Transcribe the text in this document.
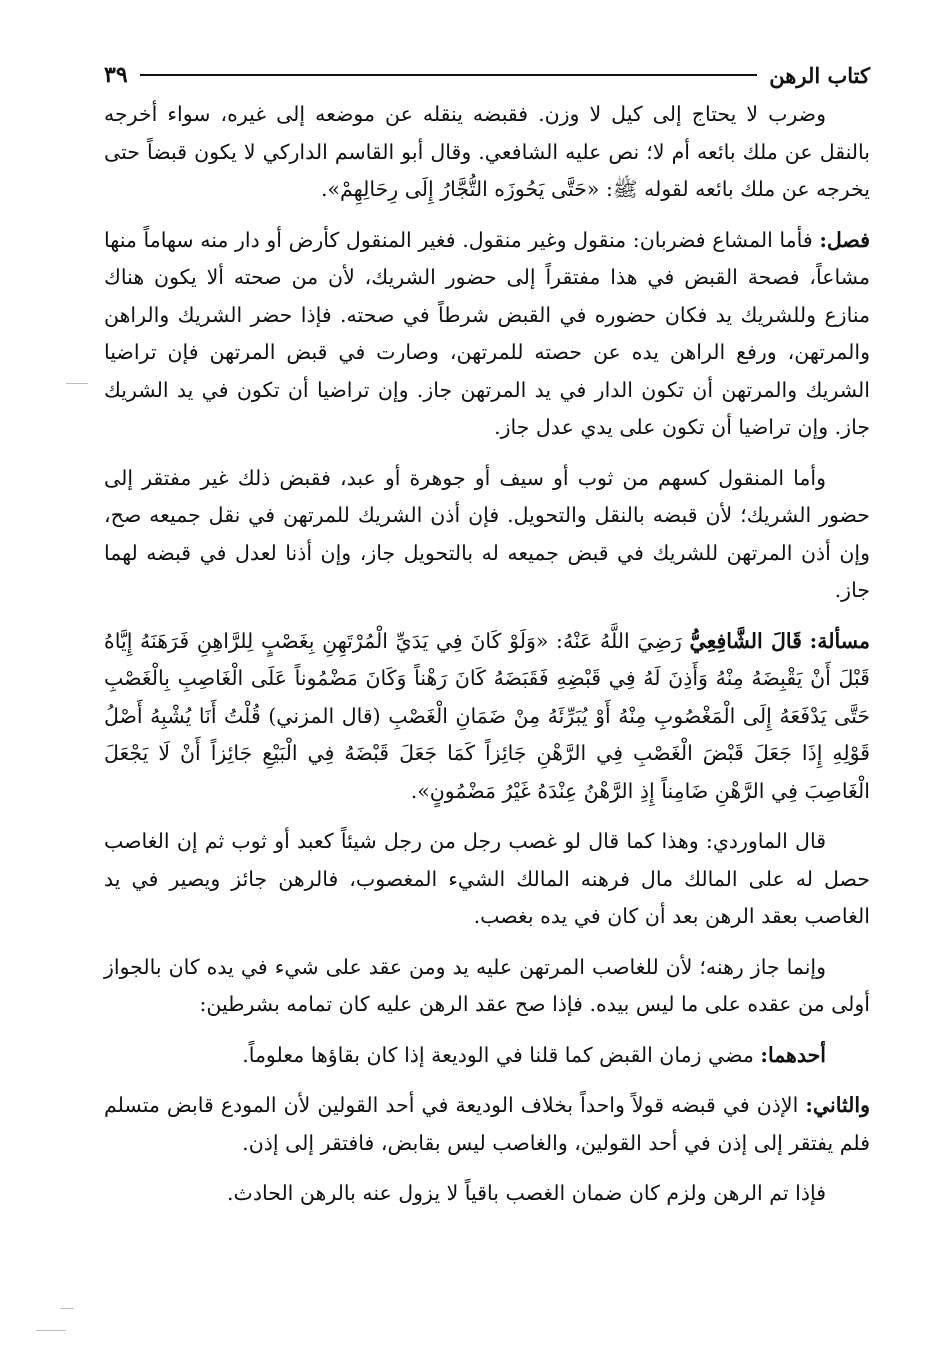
كتاب الرهن
٣٩

وضرب لا يحتاج إلى كيل لا وزن. فقبضه ينقله عن موضعه إلى غيره، سواء أخرجه بالنقل عن ملك بائعه أم لا؛ نص عليه الشافعي. وقال أبو القاسم الداركي لا يكون قبضاً حتى يخرجه عن ملك بائعه لقوله ﷺ: «حَتَّى يَحُوزَه التُّجَّارُ إِلَى رِحَالِهِمْ».

فصل: فأما المشاع فضربان: منقول وغير منقول. فغير المنقول كأرض أو دار منه سهاماً منها مشاعاً، فصحة القبض في هذا مفتقراً إلى حضور الشريك، لأن من صحته ألا يكون هناك منازع وللشريك يد فكان حضوره في القبض شرطاً في صحته. فإذا حضر الشريك والراهن والمرتهن، ورفع الراهن يده عن حصته للمرتهن، وصارت في قبض المرتهن فإن تراضيا الشريك والمرتهن أن تكون الدار في يد المرتهن جاز. وإن تراضيا أن تكون في يد الشريك جاز. وإن تراضيا أن تكون على يدي عدل جاز.

وأما المنقول كسهم من ثوب أو سيف أو جوهرة أو عبد، فقبض ذلك غير مفتقر إلى حضور الشريك؛ لأن قبضه بالنقل والتحويل. فإن أذن الشريك للمرتهن في نقل جميعه صح، وإن أذن المرتهن للشريك في قبض جميعه له بالتحويل جاز، وإن أذنا لعدل في قبضه لهما جاز.

مسألة: قَالَ الشَّافِعِيُّ رَضِيَ اللَّهُ عَنْهُ: «وَلَوْ كَانَ فِي يَدَيِّ الْمُرْتَهِنِ بِغَصْبٍ لِلرَّاهِنِ فَرَهَنَهُ إِيَّاهُ قَبْلَ أَنْ يَقْبِضَهُ مِنْهُ وَأَذِنَ لَهُ فِي قَبْضِهِ فَقَبَضَهُ كَانَ رَهْناً وَكَانَ مَضْمُوناً عَلَى الْغَاصِبِ بِالْغَصْبِ حَتَّى يَدْفَعَهُ إِلَى الْمَغْصُوبِ مِنْهُ أَوْ يُبَرِّئَهُ مِنْ ضَمَانِ الْغَصْبِ (قال المزني) قُلْتُ أَنَا يُشْبِهُ أَصْلُ قَوْلِهِ إِذَا جَعَلَ قَبْضَ الْغَصْبِ فِي الرَّهْنِ جَائِزاً كَمَا جَعَلَ قَبْضَهُ فِي الْبَيْعِ جَائِزاً أَنْ لَا يَجْعَلَ الْغَاصِبَ فِي الرَّهْنِ ضَامِناً إِذِ الرَّهْنُ عِنْدَهُ غَيْرُ مَضْمُونٍ».

قال الماوردي: وهذا كما قال لو غصب رجل من رجل شيئاً كعبد أو ثوب ثم إن الغاصب حصل له على المالك مال فرهنه المالك الشيء المغصوب، فالرهن جائز ويصير في يد الغاصب بعقد الرهن بعد أن كان في يده بغصب.

وإنما جاز رهنه؛ لأن للغاصب المرتهن عليه يد ومن عقد على شيء في يده كان بالجواز أولى من عقده على ما ليس بيده. فإذا صح عقد الرهن عليه كان تمامه بشرطين:

أحدهما: مضي زمان القبض كما قلنا في الوديعة إذا كان بقاؤها معلوماً.

والثاني: الإذن في قبضه قولاً واحداً بخلاف الوديعة في أحد القولين لأن المودع قابض متسلم فلم يفتقر إلى إذن في أحد القولين، والغاصب ليس بقابض، فافتقر إلى إذن.

فإذا تم الرهن ولزم كان ضمان الغصب باقياً لا يزول عنه بالرهن الحادث.
